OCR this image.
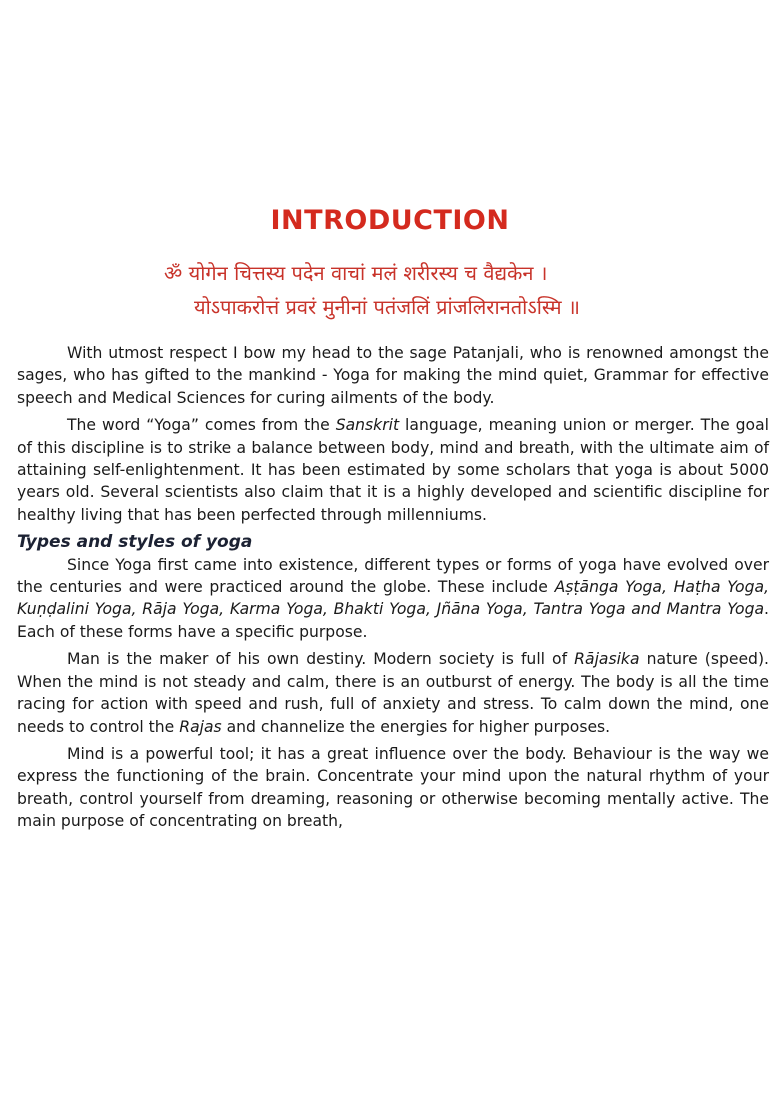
INTRODUCTION
ॐ योगेन चित्तस्य पदेन वाचां मलं शरीरस्य च वैद्यकेन ।
योऽपाकरोत्तं प्रवरं मुनीनां पतंजलिं प्रांजलिरानतोऽस्मि ॥

With utmost respect I bow my head to the sage Patanjali, who is renowned amongst the sages, who has gifted to the mankind - Yoga for making the mind quiet, Grammar for effective speech and Medical Sciences for curing ailments of the body.

The word “Yoga” comes from the Sanskrit language, meaning union or merger. The goal of this discipline is to strike a balance between body, mind and breath, with the ultimate aim of attaining self-enlightenment. It has been estimated by some scholars that yoga is about 5000 years old. Several scientists also claim that it is a highly developed and scientific discipline for healthy living that has been perfected through millenniums.

Types and styles of yoga

Since Yoga first came into existence, different types or forms of yoga have evolved over the centuries and were practiced around the globe. These include Aṣṭānga Yoga, Haṭha Yoga, Kuṇḍalini Yoga, Rāja Yoga, Karma Yoga, Bhakti Yoga, Jñāna Yoga, Tantra Yoga and Mantra Yoga. Each of these forms have a specific purpose.

Man is the maker of his own destiny. Modern society is full of Rājasika nature (speed). When the mind is not steady and calm, there is an outburst of energy. The body is all the time racing for action with speed and rush, full of anxiety and stress. To calm down the mind, one needs to control the Rajas and channelize the energies for higher purposes.

Mind is a powerful tool; it has a great influence over the body. Behaviour is the way we express the functioning of the brain. Concentrate your mind upon the natural rhythm of your breath, control yourself from dreaming, reasoning or otherwise becoming mentally active. The main purpose of concentrating on breath,
